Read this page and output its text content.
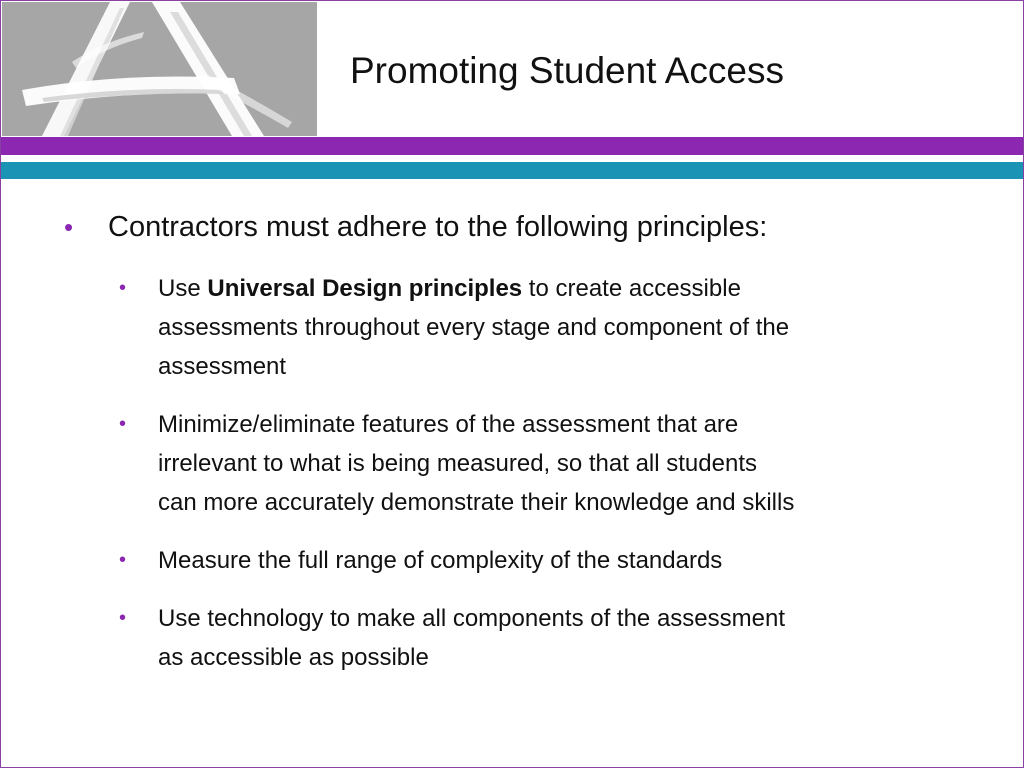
Promoting Student Access
• Contractors must adhere to the following principles:
• Use Universal Design principles to create accessible
assessments throughout every stage and component of the
assessment
• Minimize/eliminate features of the assessment that are
irrelevant to what is being measured, so that all students
can more accurately demonstrate their knowledge and skills
• Measure the full range of complexity of the standards
• Use technology to make all components of the assessment
as accessible as possible
